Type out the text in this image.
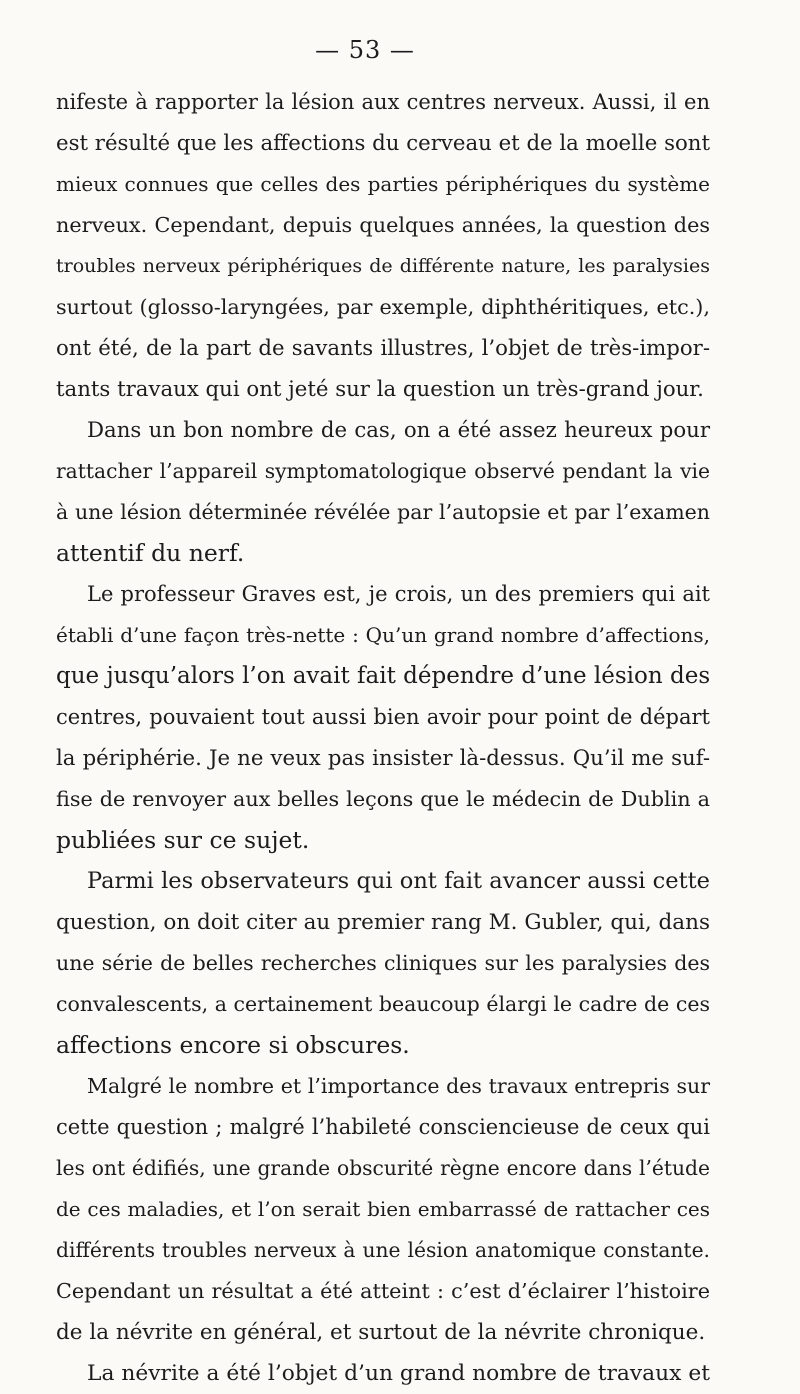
— 53 —
nifeste à rapporter la lésion aux centres nerveux. Aussi, il en
est résulté que les affections du cerveau et de la moelle sont
mieux connues que celles des parties périphériques du système
nerveux. Cependant, depuis quelques années, la question des
troubles nerveux périphériques de différente nature, les paralysies
surtout (glosso-laryngées, par exemple, diphthéritiques, etc.),
ont été, de la part de savants illustres, l’objet de très-impor-
tants travaux qui ont jeté sur la question un très-grand jour.
Dans un bon nombre de cas, on a été assez heureux pour
rattacher l’appareil symptomatologique observé pendant la vie
à une lésion déterminée révélée par l’autopsie et par l’examen
attentif du nerf.
Le professeur Graves est, je crois, un des premiers qui ait
établi d’une façon très-nette : Qu’un grand nombre d’affections,
que jusqu’alors l’on avait fait dépendre d’une lésion des
centres, pouvaient tout aussi bien avoir pour point de départ
la périphérie. Je ne veux pas insister là-dessus. Qu’il me suf-
fise de renvoyer aux belles leçons que le médecin de Dublin a
publiées sur ce sujet.
Parmi les observateurs qui ont fait avancer aussi cette
question, on doit citer au premier rang M. Gubler, qui, dans
une série de belles recherches cliniques sur les paralysies des
convalescents, a certainement beaucoup élargi le cadre de ces
affections encore si obscures.
Malgré le nombre et l’importance des travaux entrepris sur
cette question ; malgré l’habileté consciencieuse de ceux qui
les ont édifiés, une grande obscurité règne encore dans l’étude
de ces maladies, et l’on serait bien embarrassé de rattacher ces
différents troubles nerveux à une lésion anatomique constante.
Cependant un résultat a été atteint : c’est d’éclairer l’histoire
de la névrite en général, et surtout de la névrite chronique.
La névrite a été l’objet d’un grand nombre de travaux et
